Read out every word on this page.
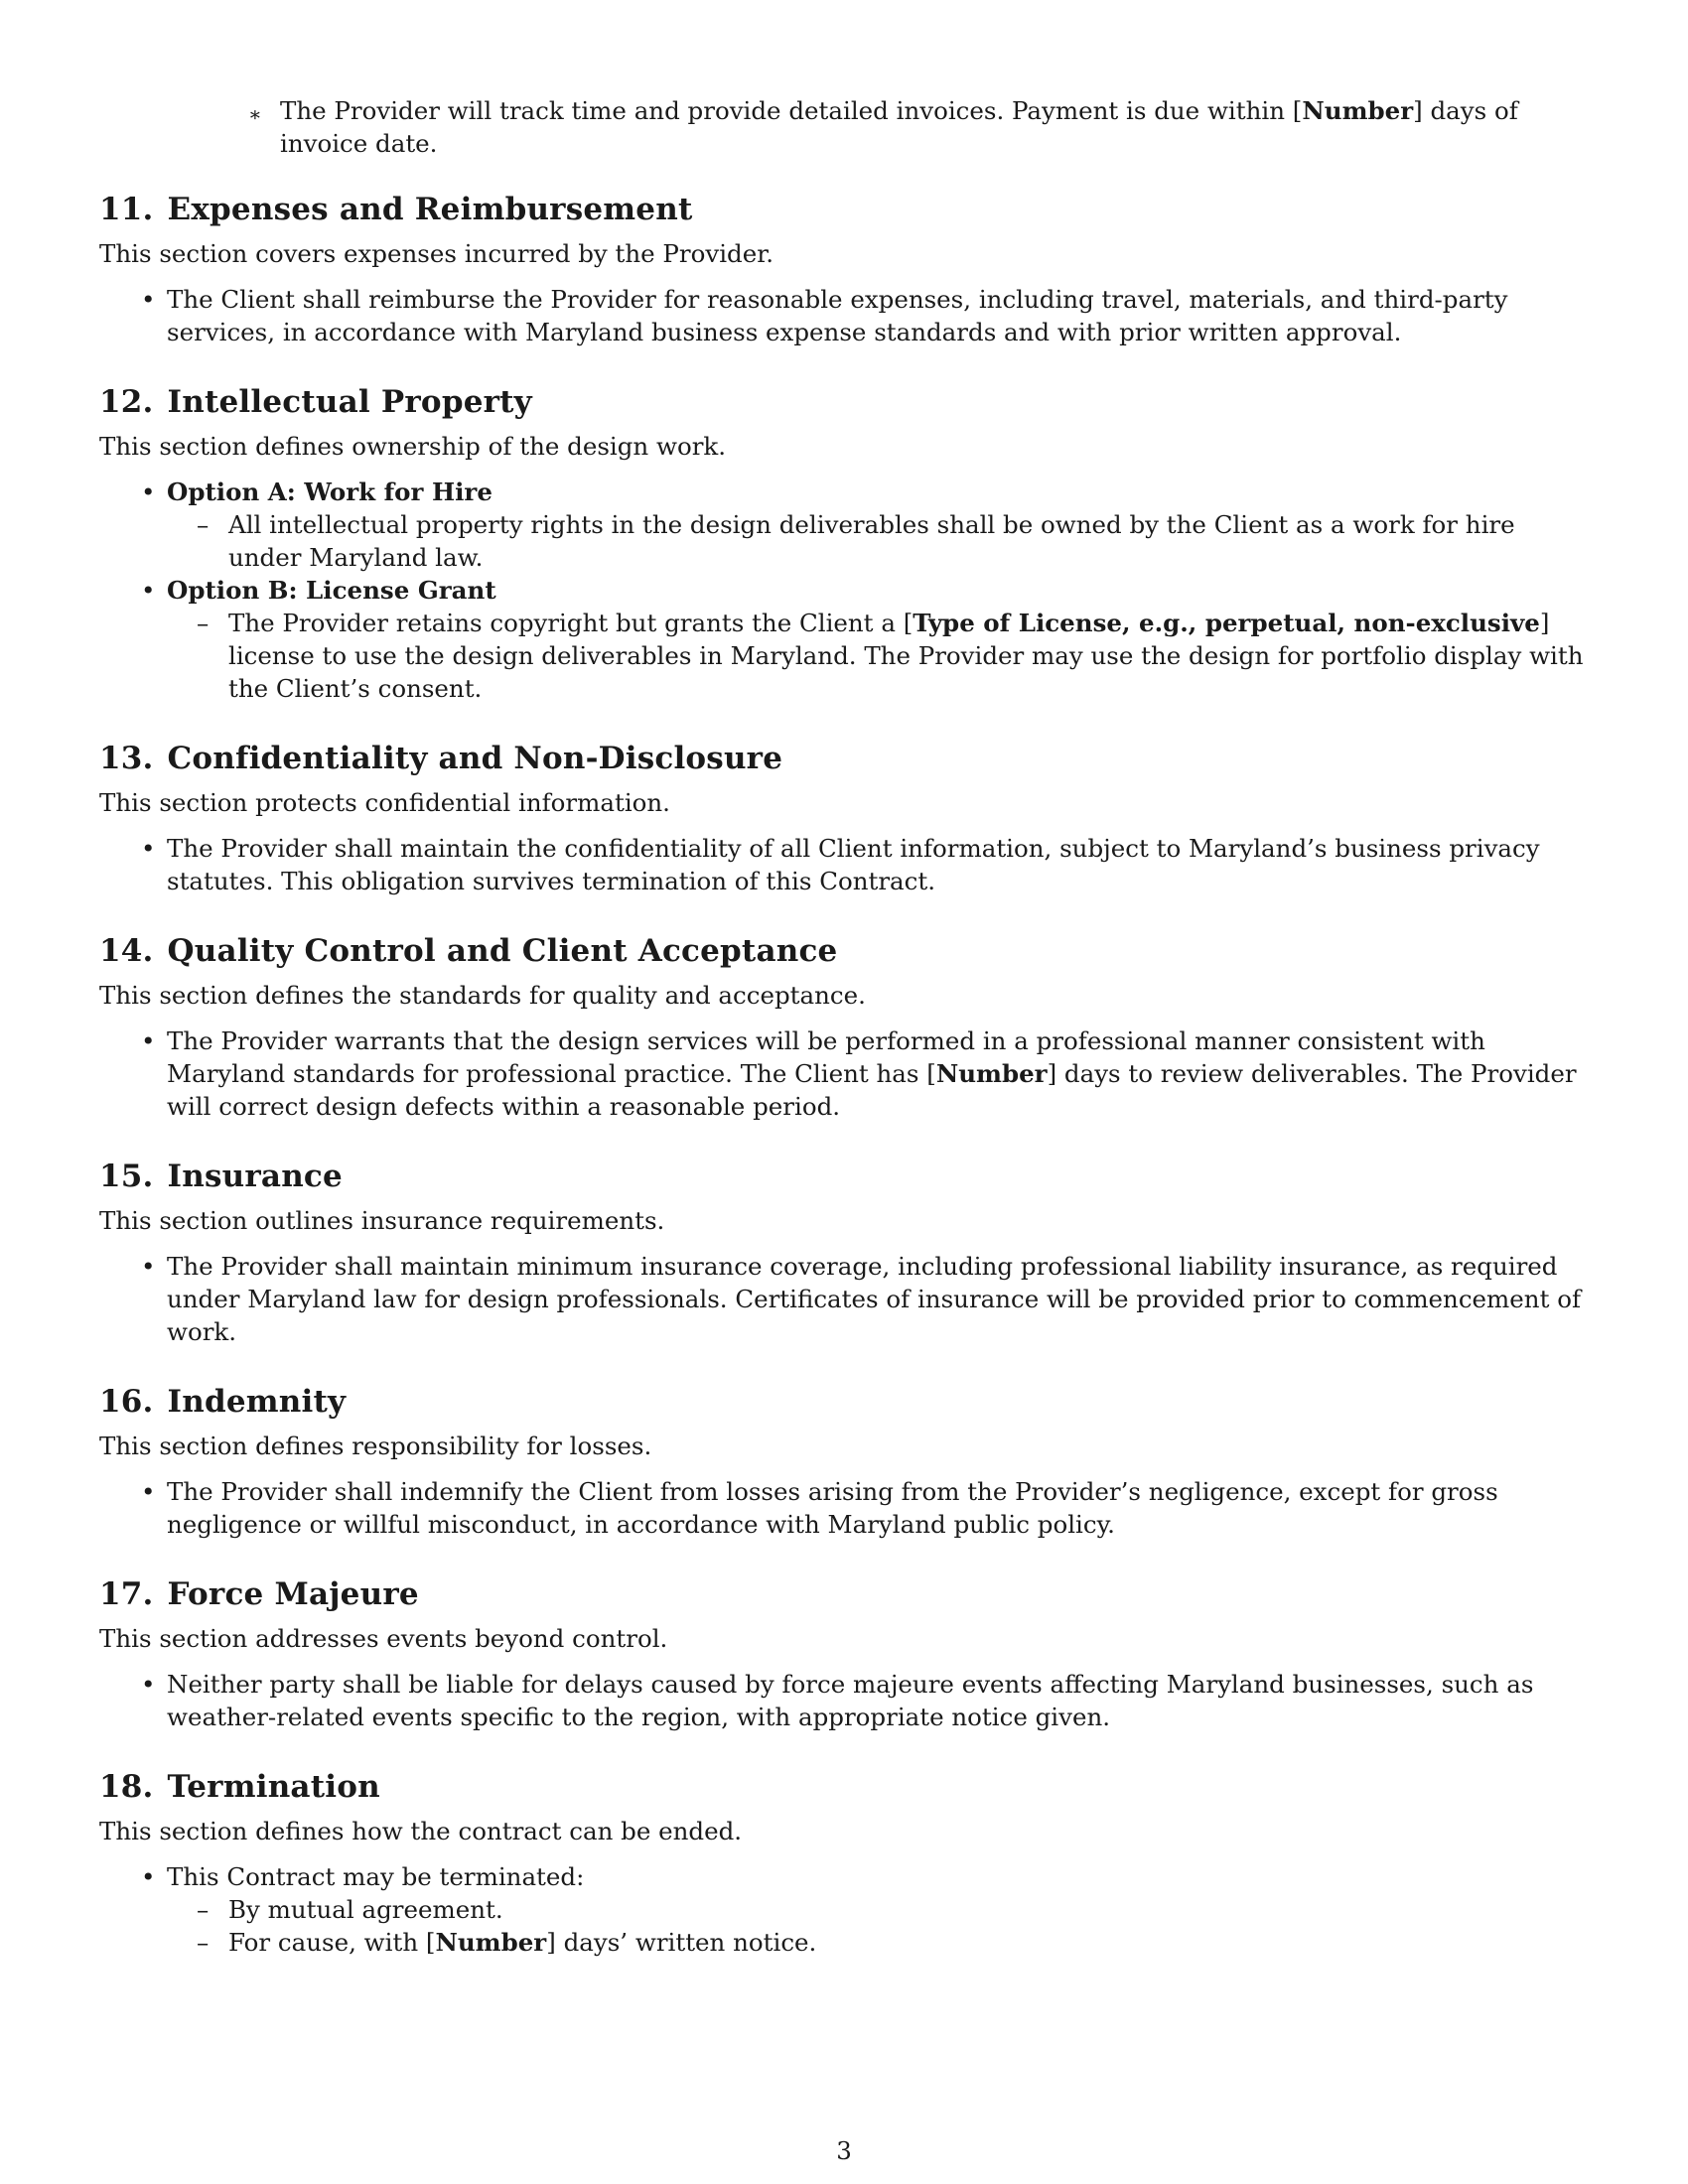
∗ The Provider will track time and provide detailed invoices. Payment is due within [Number] days of invoice date.
11. Expenses and Reimbursement

This section covers expenses incurred by the Provider.

• The Client shall reimburse the Provider for reasonable expenses, including travel, materials, and third-party services, in accordance with Maryland business expense standards and with prior written approval.
12. Intellectual Property

This section defines ownership of the design work.

• Option A: Work for Hire
– All intellectual property rights in the design deliverables shall be owned by the Client as a work for hire under Maryland law.
• Option B: License Grant
– The Provider retains copyright but grants the Client a [Type of License, e.g., perpetual, non-exclusive] license to use the design deliverables in Maryland. The Provider may use the design for portfolio display with the Client’s consent.
13. Confidentiality and Non-Disclosure

This section protects confidential information.

• The Provider shall maintain the confidentiality of all Client information, subject to Maryland’s business privacy statutes. This obligation survives termination of this Contract.
14. Quality Control and Client Acceptance

This section defines the standards for quality and acceptance.

• The Provider warrants that the design services will be performed in a professional manner consistent with Maryland standards for professional practice. The Client has [Number] days to review deliverables. The Provider will correct design defects within a reasonable period.
15. Insurance

This section outlines insurance requirements.

• The Provider shall maintain minimum insurance coverage, including professional liability insurance, as required under Maryland law for design professionals. Certificates of insurance will be provided prior to commencement of work.
16. Indemnity

This section defines responsibility for losses.

• The Provider shall indemnify the Client from losses arising from the Provider’s negligence, except for gross negligence or willful misconduct, in accordance with Maryland public policy.
17. Force Majeure

This section addresses events beyond control.

• Neither party shall be liable for delays caused by force majeure events affecting Maryland businesses, such as weather-related events specific to the region, with appropriate notice given.
18. Termination

This section defines how the contract can be ended.

• This Contract may be terminated:
– By mutual agreement.
– For cause, with [Number] days’ written notice.
3
